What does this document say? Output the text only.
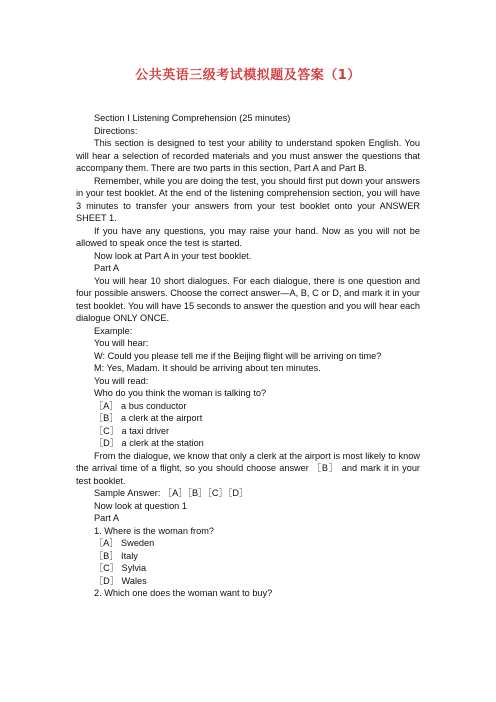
公共英语三级考试模拟题及答案（1）

Section Ⅰ Listening Comprehension (25 minutes)

Directions:

This section is designed to test your ability to understand spoken English. You will hear a selection of recorded materials and you must answer the questions that accompany them. There are two parts in this section, Part A and Part B.

Remember, while you are doing the test, you should first put down your answers in your test booklet. At the end of the listening comprehension section, you will have 3 minutes to transfer your answers from your test booklet onto your ANSWER SHEET 1.

If you have any questions, you may raise your hand. Now as you will not be allowed to speak once the test is started.

Now look at Part A in your test booklet.

Part A

You will hear 10 short dialogues. For each dialogue, there is one question and four possible answers. Choose the correct answer—A, B, C or D, and mark it in your test booklet. You will have 15 seconds to answer the question and you will hear each dialogue ONLY ONCE.

Example:

You will hear:

W: Could you please tell me if the Beijing flight will be arriving on time?

M: Yes, Madam. It should be arriving about ten minutes.

You will read:

Who do you think the woman is talking to?

［A］ a bus conductor

［B］ a clerk at the airport

［C］ a taxi driver

［D］ a clerk at the station

From the dialogue, we know that only a clerk at the airport is most likely to know the arrival time of a flight, so you should choose answer ［B］ and mark it in your test booklet.

Sample Answer: ［A］［B］［C］［D］

Now look at question 1

Part A

1. Where is the woman from?

［A］ Sweden

［B］ Italy

［C］ Sylvia

［D］ Wales

2. Which one does the woman want to buy?
